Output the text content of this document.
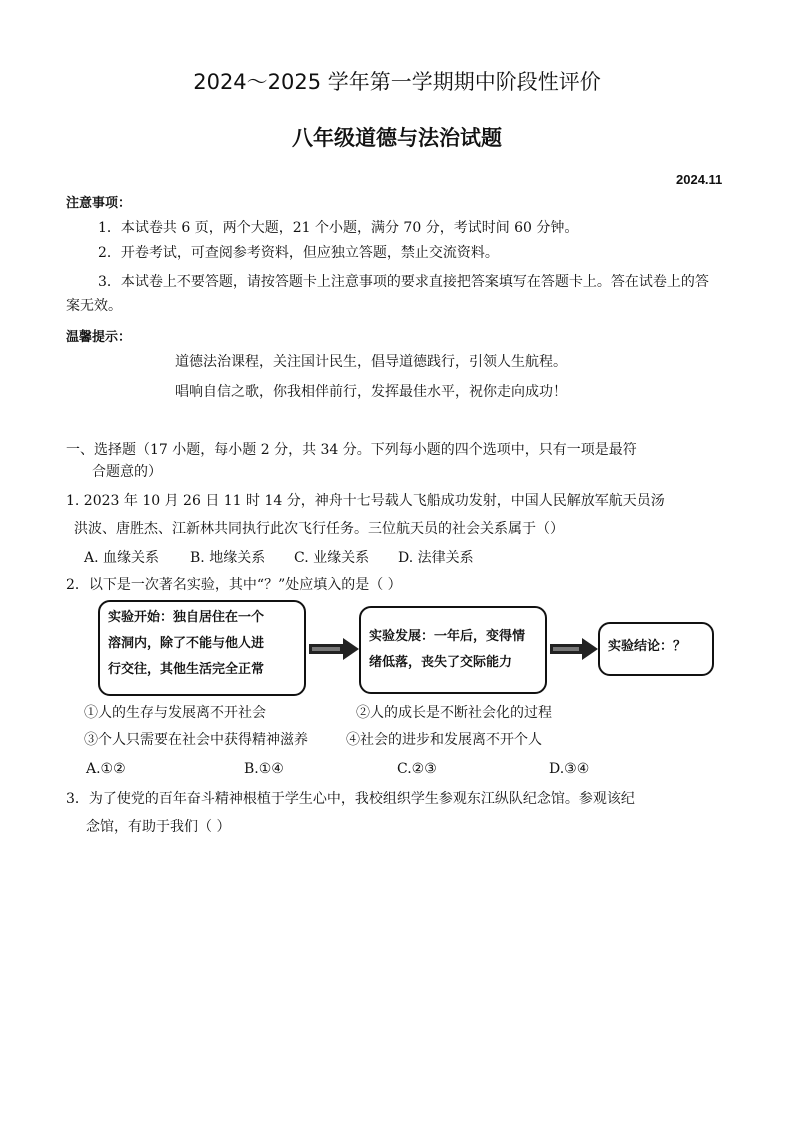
2024～2025 学年第一学期期中阶段性评价
八年级道德与法治试题
2024.11
注意事项：
1．本试卷共 6 页，两个大题，21 个小题，满分 70 分，考试时间 60 分钟。
2．开卷考试，可查阅参考资料，但应独立答题，禁止交流资料。
3．本试卷上不要答题，请按答题卡上注意事项的要求直接把答案填写在答题卡上。答在试卷上的答案无效。
温馨提示：
道德法治课程，关注国计民生，倡导道德践行，引领人生航程。
唱响自信之歌，你我相伴前行，发挥最佳水平，祝你走向成功！
一、选择题（17 小题，每小题 2 分，共 34 分。下列每小题的四个选项中，只有一项是最符
合题意的）
1. 2023 年 10 月 26 日 11 时 14 分，神舟十七号载人飞船成功发射，中国人民解放军航天员汤
洪波、唐胜杰、江新林共同执行此次飞行任务。三位航天员的社会关系属于（）
A. 血缘关系 B. 地缘关系 C. 业缘关系 D. 法律关系
2．以下是一次著名实验，其中“？”处应填入的是（ ）
实验开始：独自居住在一个
溶洞内，除了不能与他人进
行交往，其他生活完全正常
实验发展：一年后，变得情
绪低落，丧失了交际能力
实验结论：？
①人的生存与发展离不开社会	②人的成长是不断社会化的过程
③个人只需要在社会中获得精神滋养	④社会的进步和发展离不开个人
A.①②	B.①④	C.②③	D.③④
3．为了使党的百年奋斗精神根植于学生心中，我校组织学生参观东江纵队纪念馆。参观该纪
念馆，有助于我们（ ）
